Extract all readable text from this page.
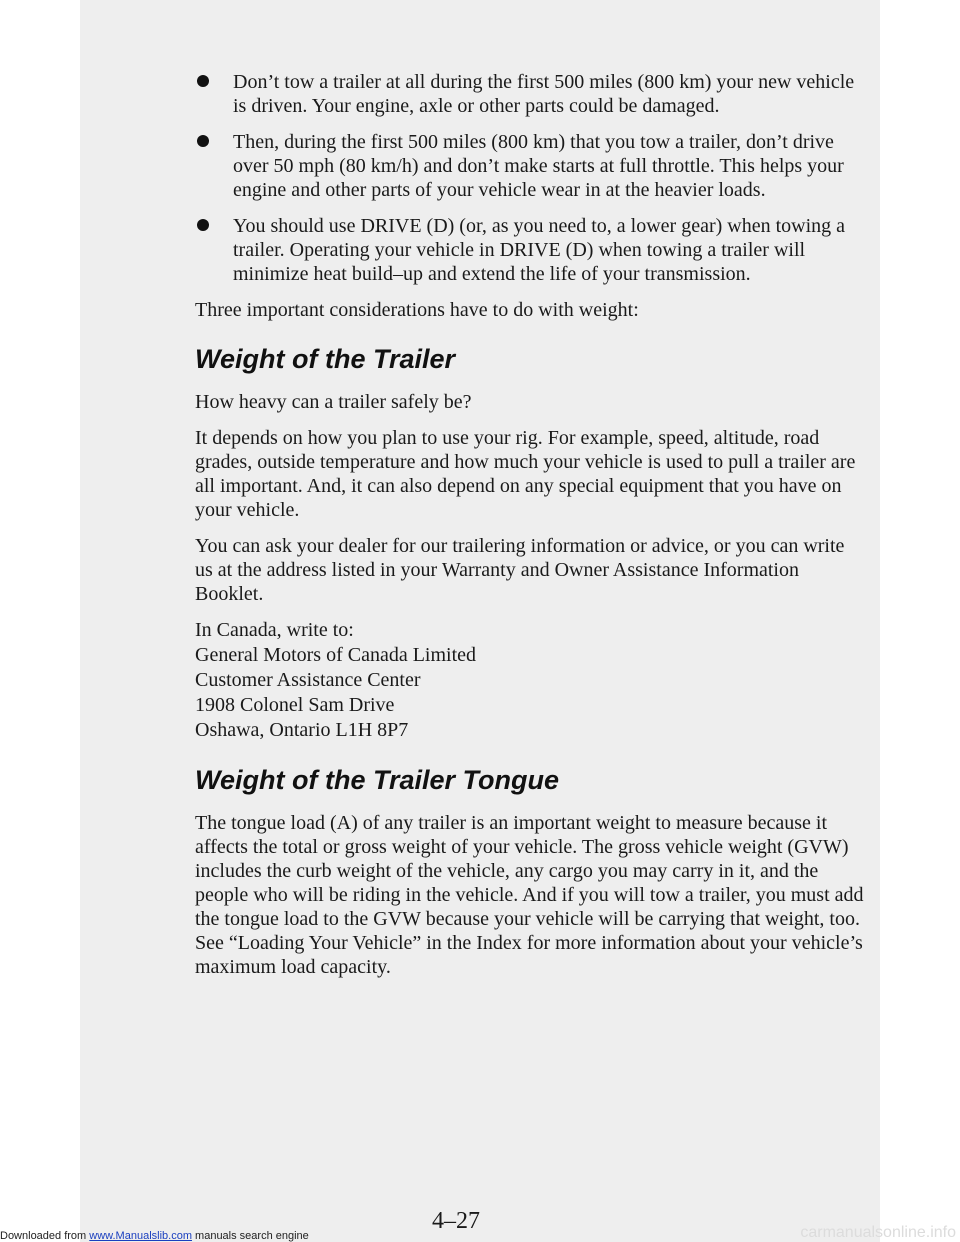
Don’t tow a trailer at all during the first 500 miles (800 km) your new vehicle is driven. Your engine, axle or other parts could be damaged.
Then, during the first 500 miles (800 km) that you tow a trailer, don’t drive over 50 mph (80 km/h) and don’t make starts at full throttle. This helps your engine and other parts of your vehicle wear in at the heavier loads.
You should use DRIVE (D) (or, as you need to, a lower gear) when towing a trailer. Operating your vehicle in DRIVE (D) when towing a trailer will minimize heat build–up and extend the life of your transmission.

Three important considerations have to do with weight:

Weight of the Trailer

How heavy can a trailer safely be?

It depends on how you plan to use your rig. For example, speed, altitude, road grades, outside temperature and how much your vehicle is used to pull a trailer are all important. And, it can also depend on any special equipment that you have on your vehicle.

You can ask your dealer for our trailering information or advice, or you can write us at the address listed in your Warranty and Owner Assistance Information Booklet.

In Canada, write to:
General Motors of Canada Limited
Customer Assistance Center
1908 Colonel Sam Drive
Oshawa, Ontario L1H 8P7
Weight of the Trailer Tongue

The tongue load (A) of any trailer is an important weight to measure because it affects the total or gross weight of your vehicle. The gross vehicle weight (GVW) includes the curb weight of the vehicle, any cargo you may carry in it, and the people who will be riding in the vehicle. And if you will tow a trailer, you must add the tongue load to the GVW because your vehicle will be carrying that weight, too. See “Loading Your Vehicle” in the Index for more information about your vehicle’s maximum load capacity.

4–27
Downloaded from www.Manualslib.com manuals search engine	carmanualsonline.info
